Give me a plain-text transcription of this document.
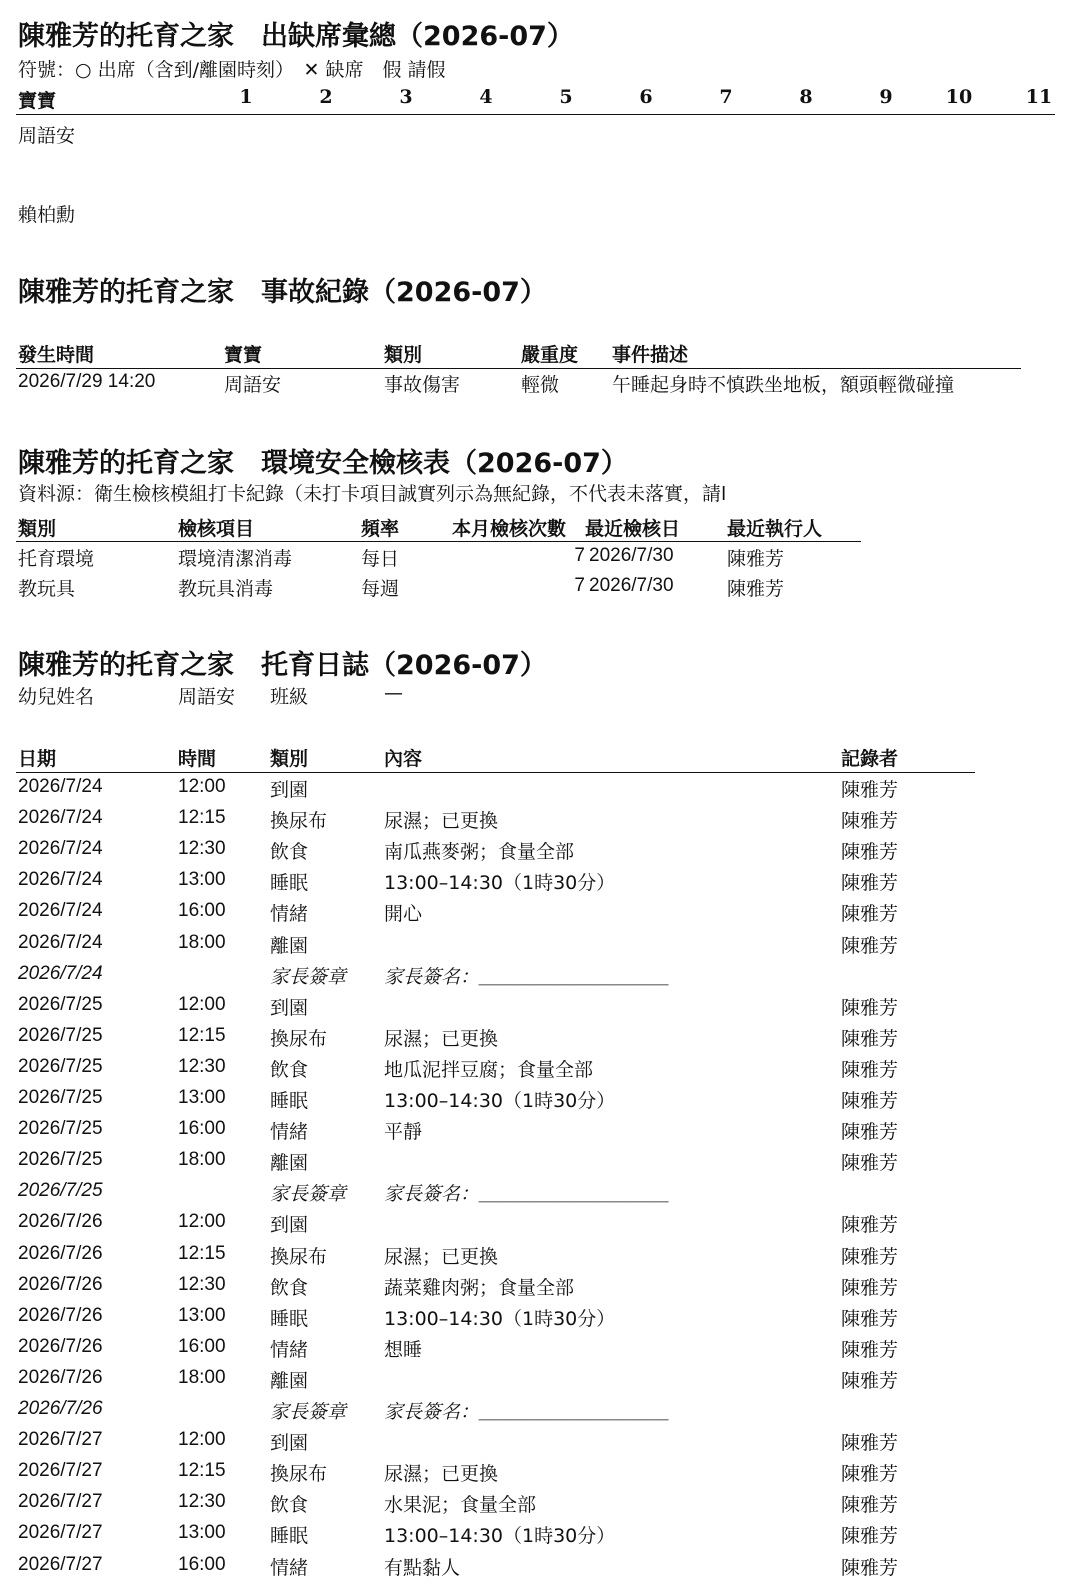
陳雅芳的托育之家　出缺席彙總（2026-07）
符號：○ 出席（含到/離園時刻）　✕ 缺席　假 請假
寶寶	1	2	3	4	5	6	7	8	9	10	11
周語安
賴柏勳
陳雅芳的托育之家　事故紀錄（2026-07）
發生時間	寶寶	類別	嚴重度 事件描述
2026/7/29 14:20	周語安	事故傷害	輕微	午睡起身時不慎跌坐地板，額頭輕微碰撞
陳雅芳的托育之家　環境安全檢核表（2026-07）
資料源：衛生檢核模組打卡紀錄（未打卡項目誠實列示為無紀錄，不代表未落實，請l
類別	檢核項目	頻率	本月檢核次數 最近檢核日 最近執行人
托育環境	環境清潔消毒	每日	7 2026/7/30	陳雅芳
教玩具	教玩具消毒	每週	7 2026/7/30	陳雅芳
陳雅芳的托育之家　托育日誌（2026-07）
幼兒姓名	周語安 班級	—
日期	時間	類別	內容	記錄者
2026/7/24	12:00 到園	陳雅芳
2026/7/24	12:15 換尿布	尿濕；已更換	陳雅芳
2026/7/24	12:30 飲食	南瓜燕麥粥；食量全部	陳雅芳
2026/7/24	13:00 睡眠	13:00–14:30（1時30分）	陳雅芳
2026/7/24	16:00 情緒	開心	陳雅芳
2026/7/24	18:00 離園	陳雅芳
2026/7/24	家長簽章 家長簽名：＿＿＿＿＿＿＿＿＿＿
2026/7/25	12:00 到園	陳雅芳
2026/7/25	12:15 換尿布	尿濕；已更換	陳雅芳
2026/7/25	12:30 飲食	地瓜泥拌豆腐；食量全部	陳雅芳
2026/7/25	13:00 睡眠	13:00–14:30（1時30分）	陳雅芳
2026/7/25	16:00 情緒	平靜	陳雅芳
2026/7/25	18:00 離園	陳雅芳
2026/7/25	家長簽章 家長簽名：＿＿＿＿＿＿＿＿＿＿
2026/7/26	12:00 到園	陳雅芳
2026/7/26	12:15 換尿布	尿濕；已更換	陳雅芳
2026/7/26	12:30 飲食	蔬菜雞肉粥；食量全部	陳雅芳
2026/7/26	13:00 睡眠	13:00–14:30（1時30分）	陳雅芳
2026/7/26	16:00 情緒	想睡	陳雅芳
2026/7/26	18:00 離園	陳雅芳
2026/7/26	家長簽章 家長簽名：＿＿＿＿＿＿＿＿＿＿
2026/7/27	12:00 到園	陳雅芳
2026/7/27	12:15 換尿布	尿濕；已更換	陳雅芳
2026/7/27	12:30 飲食	水果泥；食量全部	陳雅芳
2026/7/27	13:00 睡眠	13:00–14:30（1時30分）	陳雅芳
2026/7/27	16:00 情緒	有點黏人	陳雅芳
